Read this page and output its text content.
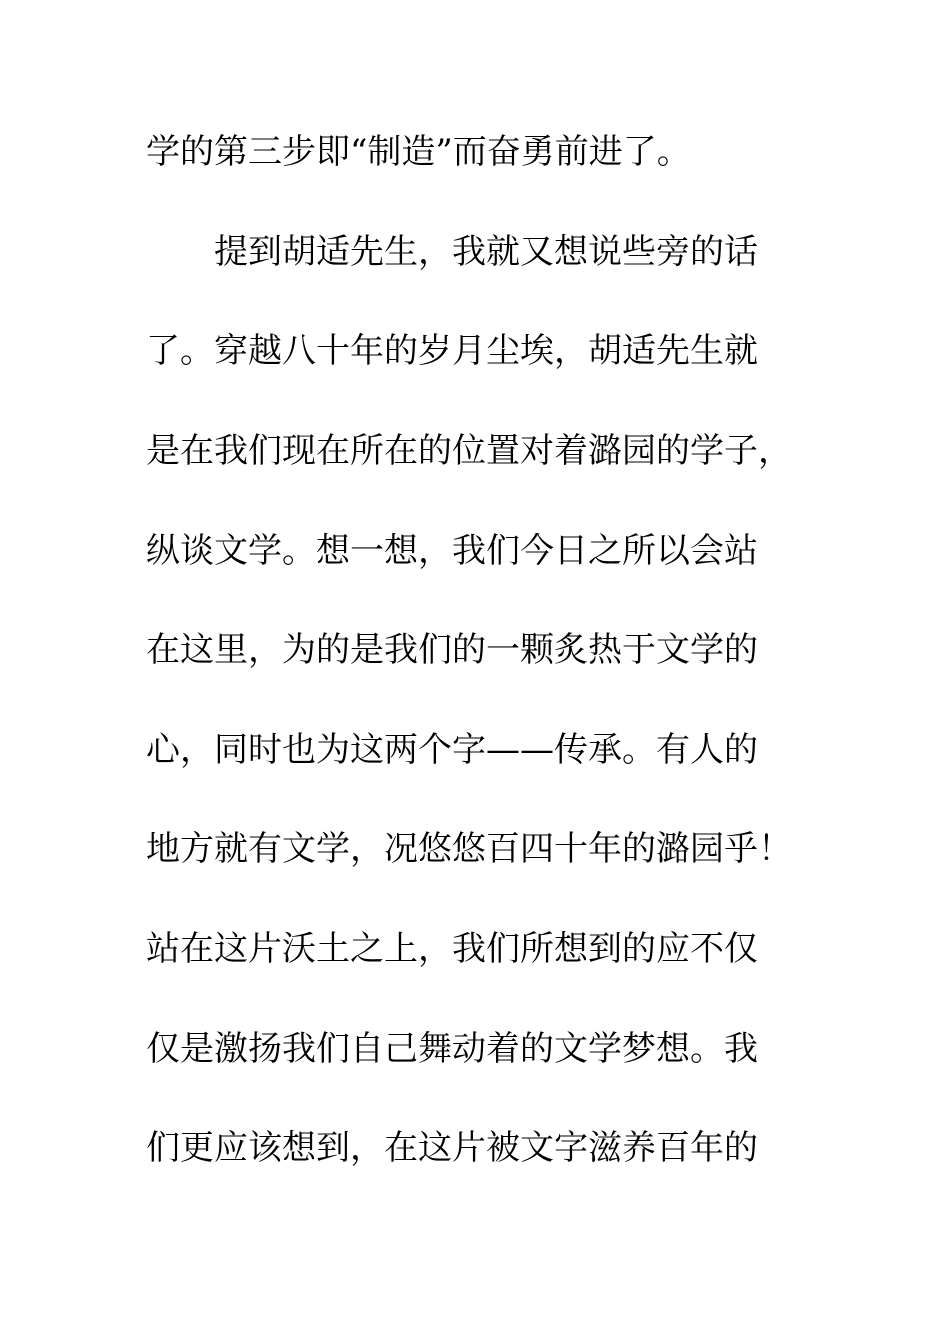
学的第三步即“制造”而奋勇前进了。
提到胡适先生，我就又想说些旁的话
了。穿越八十年的岁月尘埃，胡适先生就
是在我们现在所在的位置对着潞园的学子，
纵谈文学。想一想，我们今日之所以会站
在这里，为的是我们的一颗炙热于文学的
心，同时也为这两个字——传承。有人的
地方就有文学，况悠悠百四十年的潞园乎！
站在这片沃土之上，我们所想到的应不仅
仅是激扬我们自己舞动着的文学梦想。我
们更应该想到，在这片被文字滋养百年的
